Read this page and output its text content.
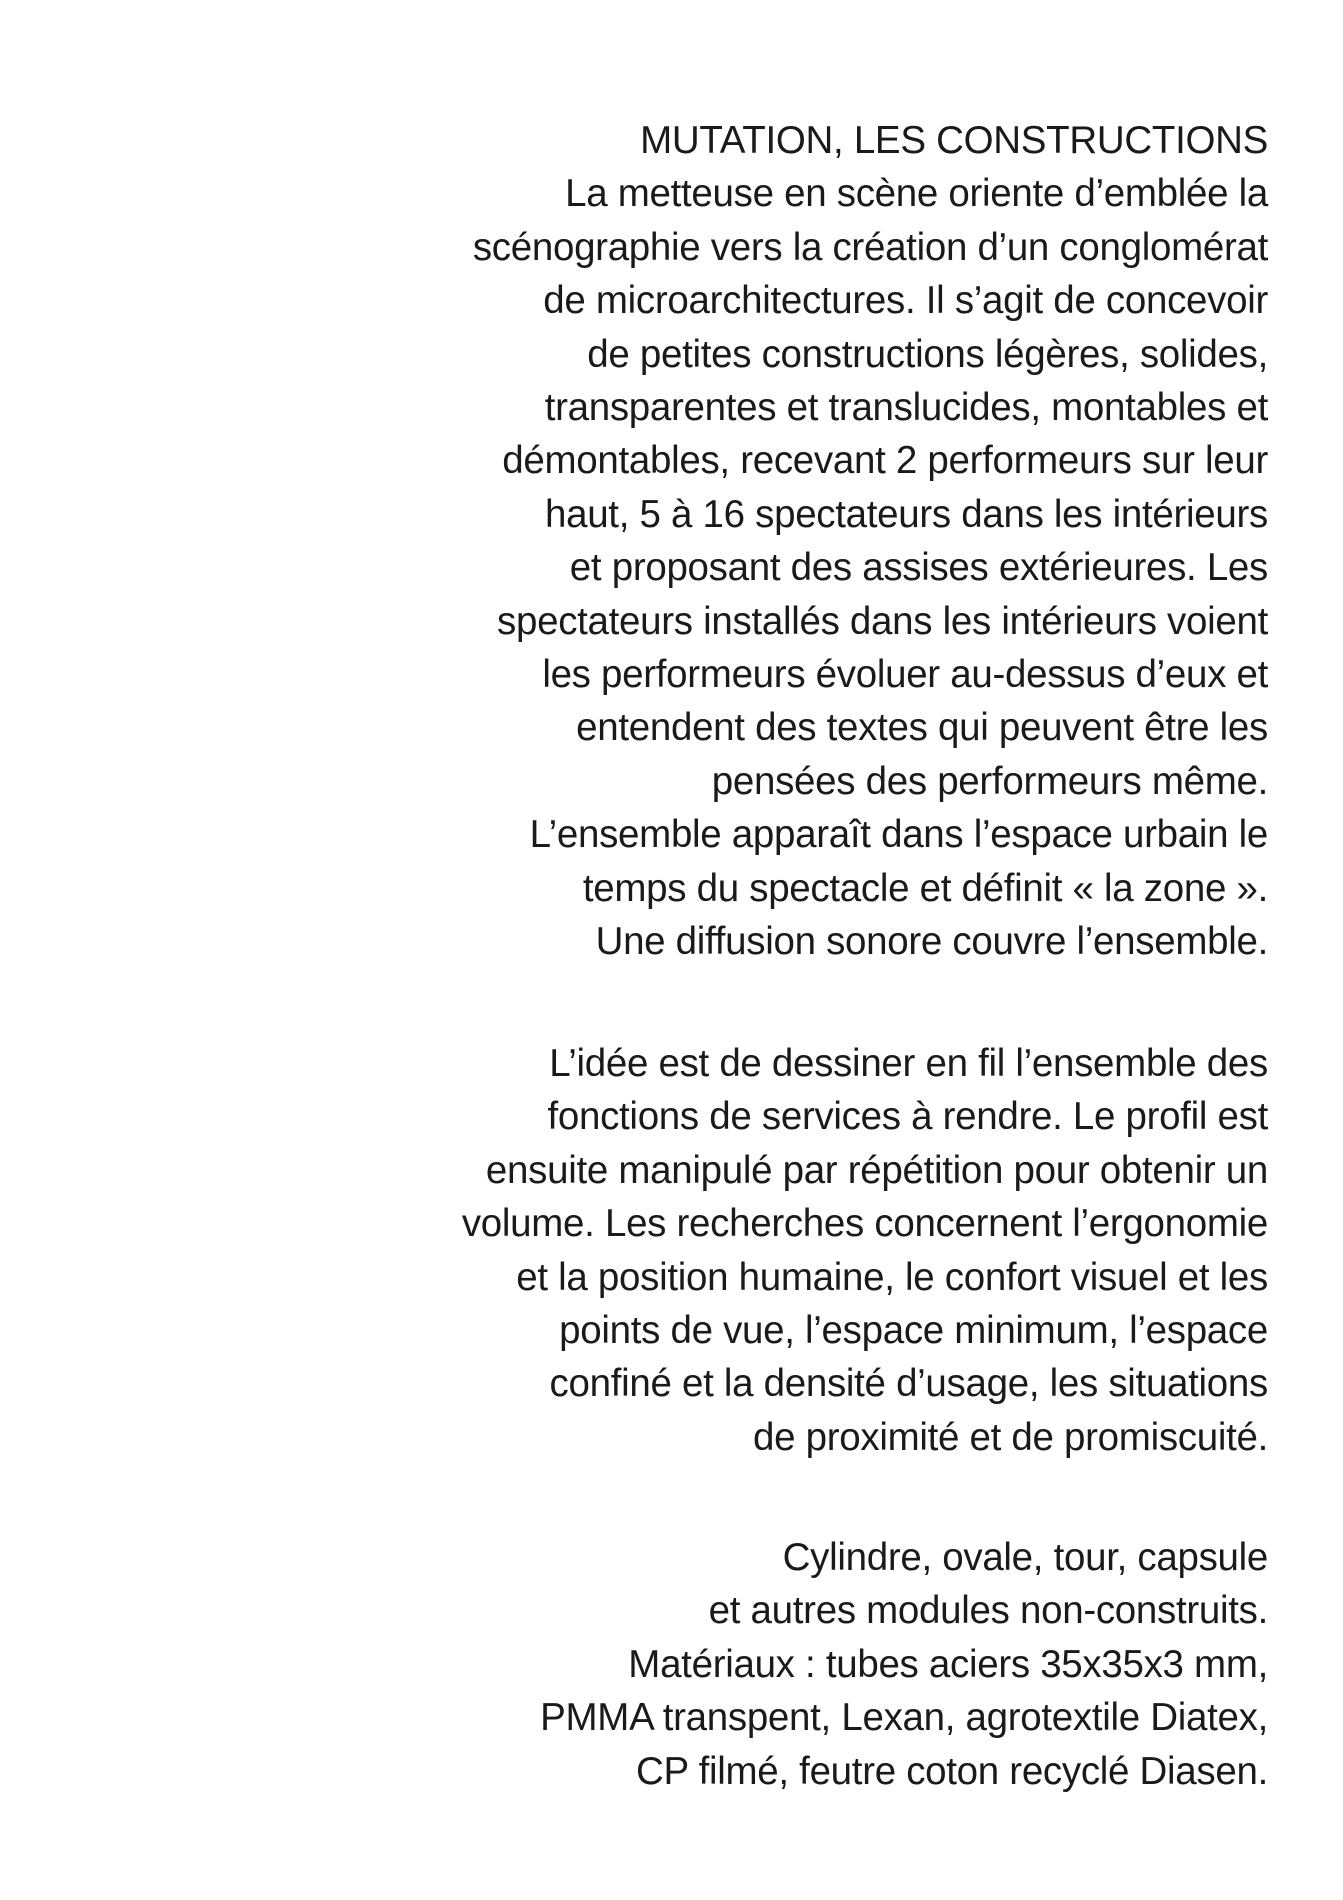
MUTATION, LES CONSTRUCTIONS
La metteuse en scène oriente d’emblée la
scénographie vers la création d’un conglomérat
de microarchitectures. Il s’agit de concevoir
de petites constructions légères, solides,
transparentes et translucides, montables et
démontables, recevant 2 performeurs sur leur
haut, 5 à 16 spectateurs dans les intérieurs
et proposant des assises extérieures. Les
spectateurs installés dans les intérieurs voient
les performeurs évoluer au-dessus d’eux et
entendent des textes qui peuvent être les
pensées des performeurs même.
L’ensemble apparaît dans l’espace urbain le
temps du spectacle et définit « la zone ».
Une diffusion sonore couvre l’ensemble.
L’idée est de dessiner en fil l’ensemble des
fonctions de services à rendre. Le profil est
ensuite manipulé par répétition pour obtenir un
volume. Les recherches concernent l’ergonomie
et la position humaine, le confort visuel et les
points de vue, l’espace minimum, l’espace
confiné et la densité d’usage, les situations
de proximité et de promiscuité.
Cylindre, ovale, tour, capsule
et autres modules non-construits.
Matériaux : tubes aciers 35x35x3 mm,
PMMA transpent, Lexan, agrotextile Diatex,
CP filmé, feutre coton recyclé Diasen.
